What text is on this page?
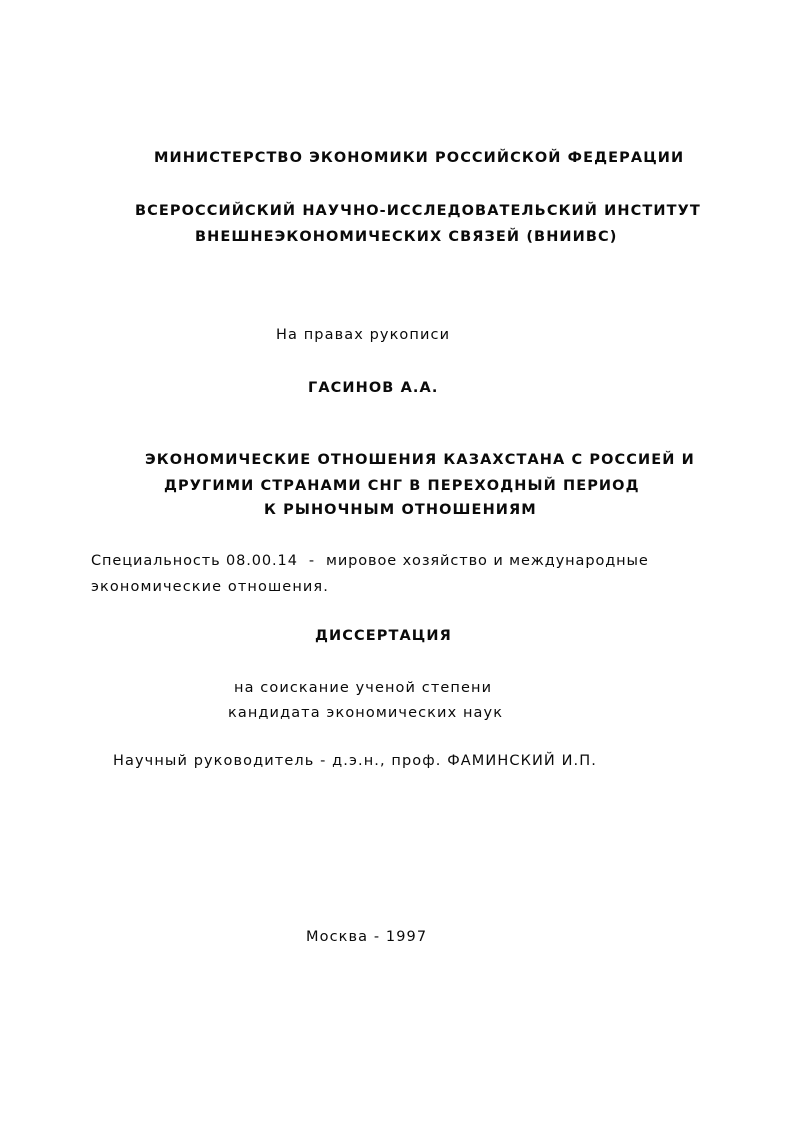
МИНИСТЕРСТВО ЭКОНОМИКИ РОССИЙСКОЙ ФЕДЕРАЦИИ
ВСЕРОССИЙСКИЙ НАУЧНО-ИССЛЕДОВАТЕЛЬСКИЙ ИНСТИТУТ
ВНЕШНЕЭКОНОМИЧЕСКИХ СВЯЗЕЙ (ВНИИВС)
На правах рукописи
ГАСИНОВ А.А.
ЭКОНОМИЧЕСКИЕ ОТНОШЕНИЯ КАЗАХСТАНА С РОССИЕЙ И
ДРУГИМИ СТРАНАМИ СНГ В ПЕРЕХОДНЫЙ ПЕРИОД
К РЫНОЧНЫМ ОТНОШЕНИЯМ
Специальность 08.00.14  -  мировое хозяйство и международные
экономические отношения.
ДИССЕРТАЦИЯ
на соискание ученой степени
кандидата экономических наук
Научный руководитель - д.э.н., проф. ФАМИНСКИЙ И.П.
Москва - 1997
